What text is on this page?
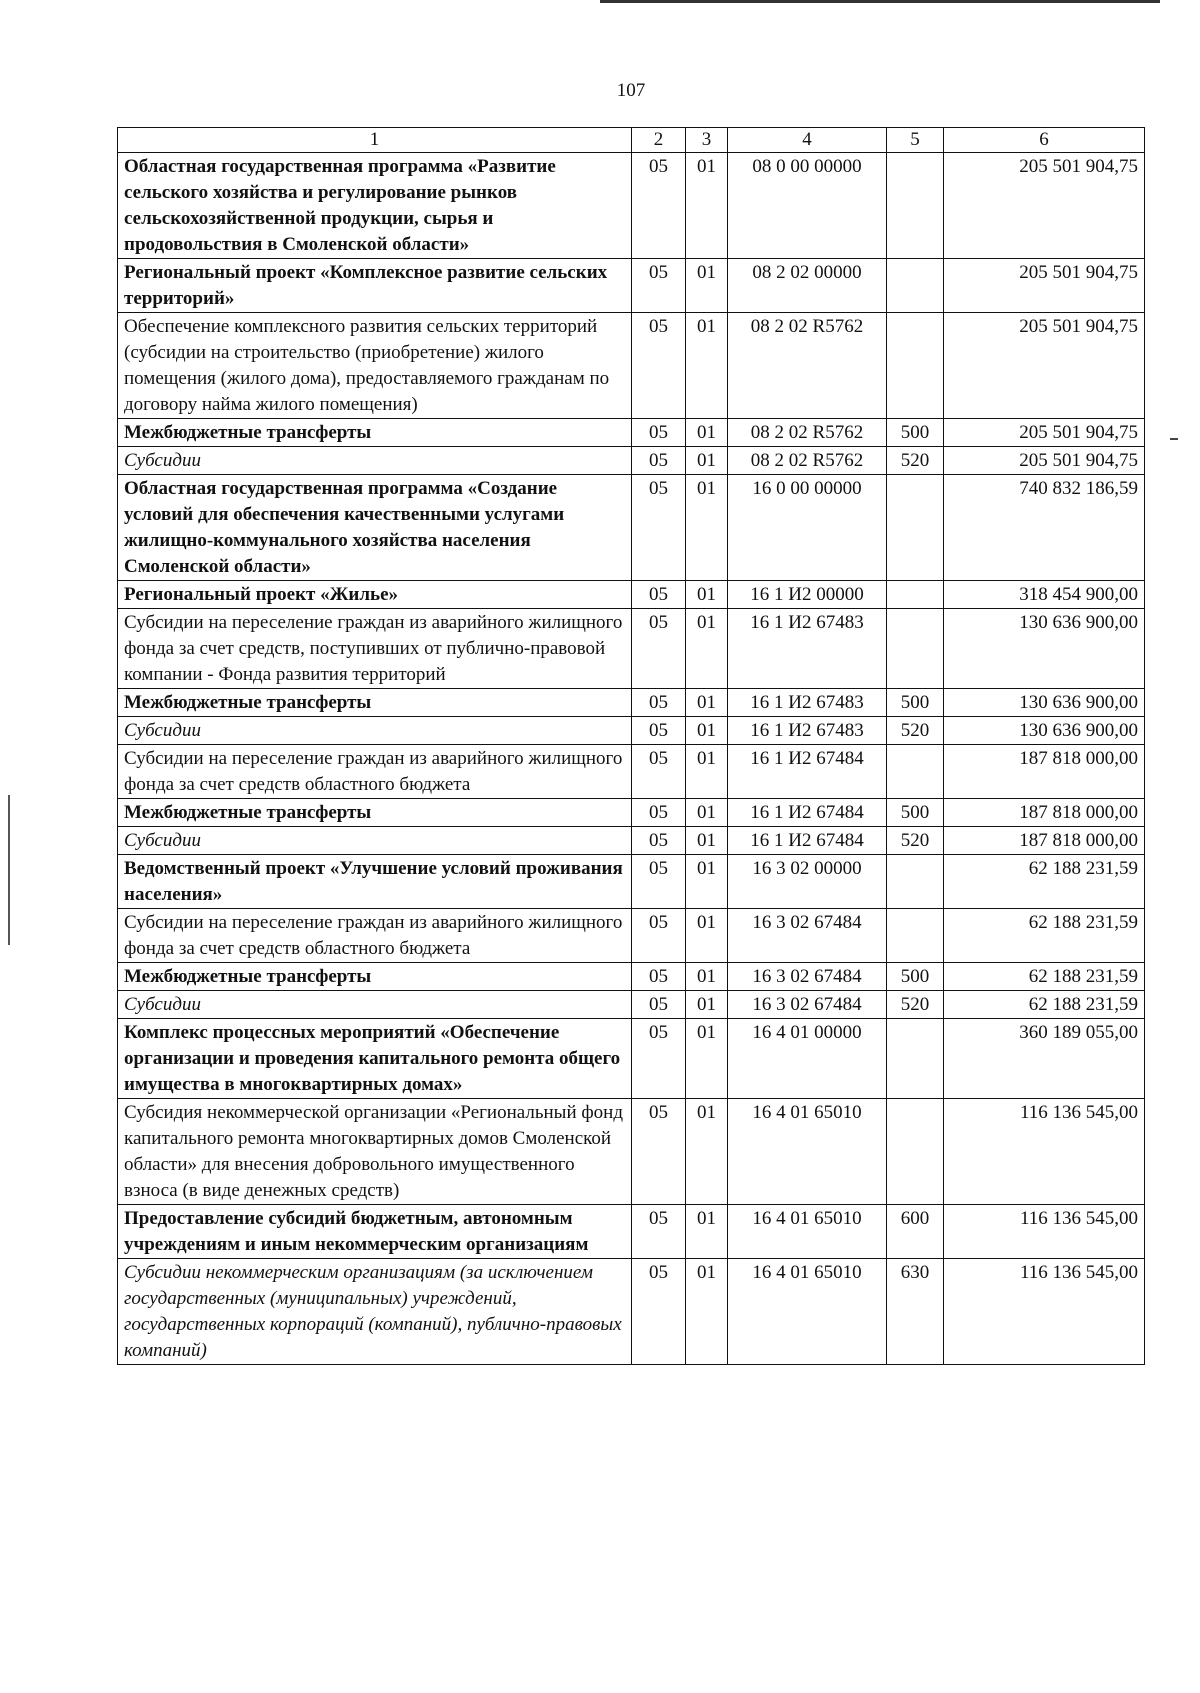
107
1	2	3	4	5	6
Областная государственная программа «Развитие сельского хозяйства и регулирование рынков сельскохозяйственной продукции, сырья и продовольствия в Смоленской области»	05	01	08 0 00 00000		205 501 904,75
Региональный проект «Комплексное развитие сельских территорий»	05	01	08 2 02 00000		205 501 904,75
Обеспечение комплексного развития сельских территорий (субсидии на строительство (приобретение) жилого помещения (жилого дома), предоставляемого гражданам по договору найма жилого помещения)	05	01	08 2 02 R5762		205 501 904,75
Межбюджетные трансферты	05	01	08 2 02 R5762	500	205 501 904,75
Субсидии	05	01	08 2 02 R5762	520	205 501 904,75
Областная государственная программа «Создание условий для обеспечения качественными услугами жилищно-коммунального хозяйства населения Смоленской области»	05	01	16 0 00 00000		740 832 186,59
Региональный проект «Жилье»	05	01	16 1 И2 00000		318 454 900,00
Субсидии на переселение граждан из аварийного жилищного фонда за счет средств, поступивших от публично-правовой компании - Фонда развития территорий	05	01	16 1 И2 67483		130 636 900,00
Межбюджетные трансферты	05	01	16 1 И2 67483	500	130 636 900,00
Субсидии	05	01	16 1 И2 67483	520	130 636 900,00
Субсидии на переселение граждан из аварийного жилищного фонда за счет средств областного бюджета	05	01	16 1 И2 67484		187 818 000,00
Межбюджетные трансферты	05	01	16 1 И2 67484	500	187 818 000,00
Субсидии	05	01	16 1 И2 67484	520	187 818 000,00
Ведомственный проект «Улучшение условий проживания населения»	05	01	16 3 02 00000		62 188 231,59
Субсидии на переселение граждан из аварийного жилищного фонда за счет средств областного бюджета	05	01	16 3 02 67484		62 188 231,59
Межбюджетные трансферты	05	01	16 3 02 67484	500	62 188 231,59
Субсидии	05	01	16 3 02 67484	520	62 188 231,59
Комплекс процессных мероприятий «Обеспечение организации и проведения капитального ремонта общего имущества в многоквартирных домах»	05	01	16 4 01 00000		360 189 055,00
Субсидия некоммерческой организации «Региональный фонд капитального ремонта многоквартирных домов Смоленской области» для внесения добровольного имущественного взноса (в виде денежных средств)	05	01	16 4 01 65010		116 136 545,00
Предоставление субсидий бюджетным, автономным учреждениям и иным некоммерческим организациям	05	01	16 4 01 65010	600	116 136 545,00
Субсидии некоммерческим организациям (за исключением государственных (муниципальных) учреждений, государственных корпораций (компаний), публично-правовых компаний)	05	01	16 4 01 65010	630	116 136 545,00
